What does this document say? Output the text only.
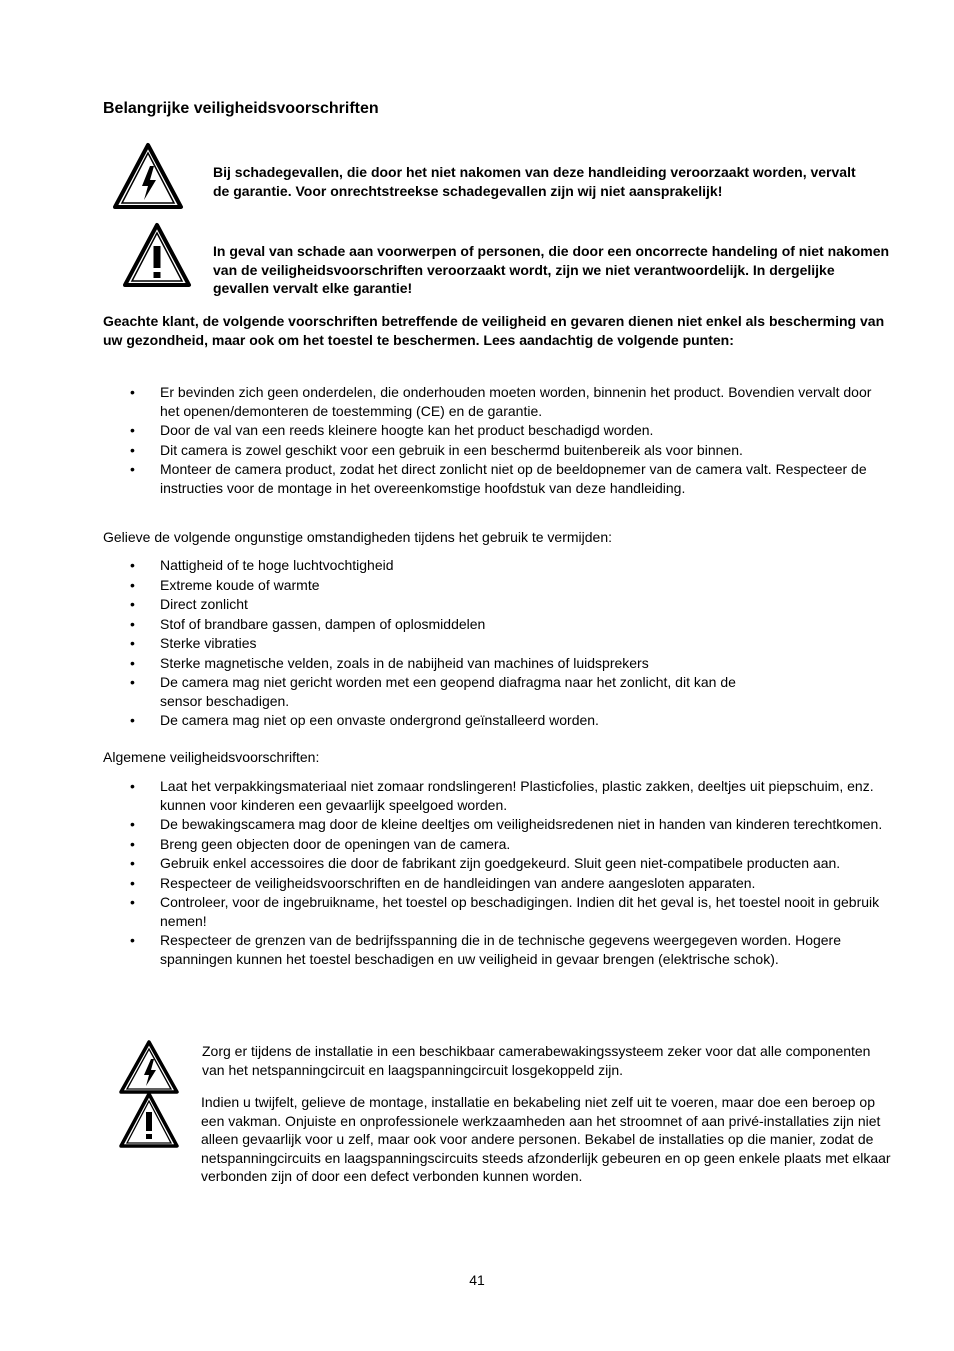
Belangrijke veiligheidsvoorschriften
Bij schadegevallen, die door het niet nakomen van deze handleiding veroorzaakt worden, vervalt de garantie. Voor onrechtstreekse schadegevallen zijn wij niet aansprakelijk!
In geval van schade aan voorwerpen of personen, die door een oncorrecte handeling of niet nakomen van de veiligheidsvoorschriften veroorzaakt wordt, zijn we niet verantwoordelijk. In dergelijke gevallen vervalt elke garantie!
Geachte klant, de volgende voorschriften betreffende de veiligheid en gevaren dienen niet enkel als bescherming van uw gezondheid, maar ook om het toestel te beschermen. Lees aandachtig de volgende punten:
• Er bevinden zich geen onderdelen, die onderhouden moeten worden, binnenin het product. Bovendien vervalt door het openen/demonteren de toestemming (CE) en de garantie.
• Door de val van een reeds kleinere hoogte kan het product beschadigd worden.
• Dit camera is zowel geschikt voor een gebruik in een beschermd buitenbereik als voor binnen.
• Monteer de camera product, zodat het direct zonlicht niet op de beeldopnemer van de camera valt. Respecteer de instructies voor de montage in het overeenkomstige hoofdstuk van deze handleiding.
Gelieve de volgende ongunstige omstandigheden tijdens het gebruik te vermijden:
• Nattigheid of te hoge luchtvochtigheid
• Extreme koude of warmte
• Direct zonlicht
• Stof of brandbare gassen, dampen of oplosmiddelen
• Sterke vibraties
• Sterke magnetische velden, zoals in de nabijheid van machines of luidsprekers
• De camera mag niet gericht worden met een geopend diafragma naar het zonlicht, dit kan de sensor beschadigen.
• De camera mag niet op een onvaste ondergrond geïnstalleerd worden.
Algemene veiligheidsvoorschriften:
• Laat het verpakkingsmateriaal niet zomaar rondslingeren! Plasticfolies, plastic zakken, deeltjes uit piepschuim, enz. kunnen voor kinderen een gevaarlijk speelgoed worden.
• De bewakingscamera mag door de kleine deeltjes om veiligheidsredenen niet in handen van kinderen terechtkomen.
• Breng geen objecten door de openingen van de camera.
• Gebruik enkel accessoires die door de fabrikant zijn goedgekeurd. Sluit geen niet-compatibele producten aan.
• Respecteer de veiligheidsvoorschriften en de handleidingen van andere aangesloten apparaten.
• Controleer, voor de ingebruikname, het toestel op beschadigingen. Indien dit het geval is, het toestel nooit in gebruik nemen!
• Respecteer de grenzen van de bedrijfsspanning die in de technische gegevens weergegeven worden. Hogere spanningen kunnen het toestel beschadigen en uw veiligheid in gevaar brengen (elektrische schok).
Zorg er tijdens de installatie in een beschikbaar camerabewakingssysteem zeker voor dat alle componenten van het netspanningcircuit en laagspanningcircuit losgekoppeld zijn.
Indien u twijfelt, gelieve de montage, installatie en bekabeling niet zelf uit te voeren, maar doe een beroep op een vakman. Onjuiste en onprofessionele werkzaamheden aan het stroomnet of aan privé-installaties zijn niet alleen gevaarlijk voor u zelf, maar ook voor andere personen. Bekabel de installaties op die manier, zodat de netspanningcircuits en laagspanningscircuits steeds afzonderlijk gebeuren en op geen enkele plaats met elkaar verbonden zijn of door een defect verbonden kunnen worden.
41
